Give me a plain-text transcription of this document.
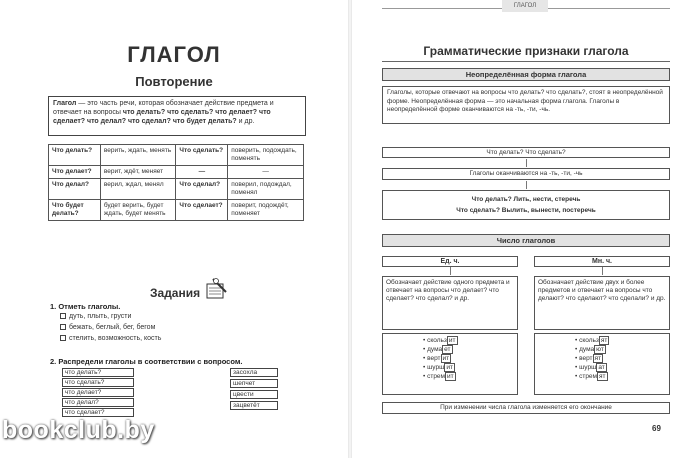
ГЛАГОЛ
Повторение
Глагол — это часть речи, которая обозначает действие предмета и отвечает на вопросы что делать? что сделать? что делает? что сделает? что делал? что сделал? что будет делать? и др.
Что делать?	верить, ждать, менять	Что сделать?	поверить, подождать, поменять
Что делает?	верит, ждёт, меняет	—	—
Что делал?	верил, ждал, менял	Что сделал?	поверил, подождал, поменял
Что будет делать?	будет верить, будет ждать, будет менять	Что сделает?	поверит, подождёт, поменяет
Задания
1. Отметь глаголы.
дуть, плыть, грусти
бежать, беглый, бег, бегом
стелить, возможность, кость
2. Распредели глаголы в соответствии с вопросом.
что делать?
что сделать?
что делает?
что делал?
что сделает?
засохла
шепчет
цвести
зацветёт
bookclub.by
ГЛАГОЛ
Грамматические признаки глагола
Неопределённая форма глагола
Глаголы, которые отвечают на вопросы что делать? что сделать?, стоят в неопределённой форме. Неопределённая форма — это начальная форма глагола. Глаголы в неопределённой форме оканчиваются на -ть, -ти, -чь.
Что делать? Что сделать?
Глаголы оканчиваются на -ть, -ти, -чь
Что делать? Лить, нести, стеречь
Что сделать? Вылить, вынести, постеречь
Число глаголов
Ед. ч.	Мн. ч.
Обозначает действие одного предмета и отвечает на вопросы что делает? что сделает? что сделал? и др.
Обозначает действие двух и более предметов и отвечает на вопросы что делают? что сделают? что сделали? и др.
• скольз ит
• дума ет
• верт ит
• шурш ит
• стрем ит
• скольз ят
• дума ют
• верт ят
• шурш ат
• стрем ят
При изменении числа глагола изменяется его окончание
69
